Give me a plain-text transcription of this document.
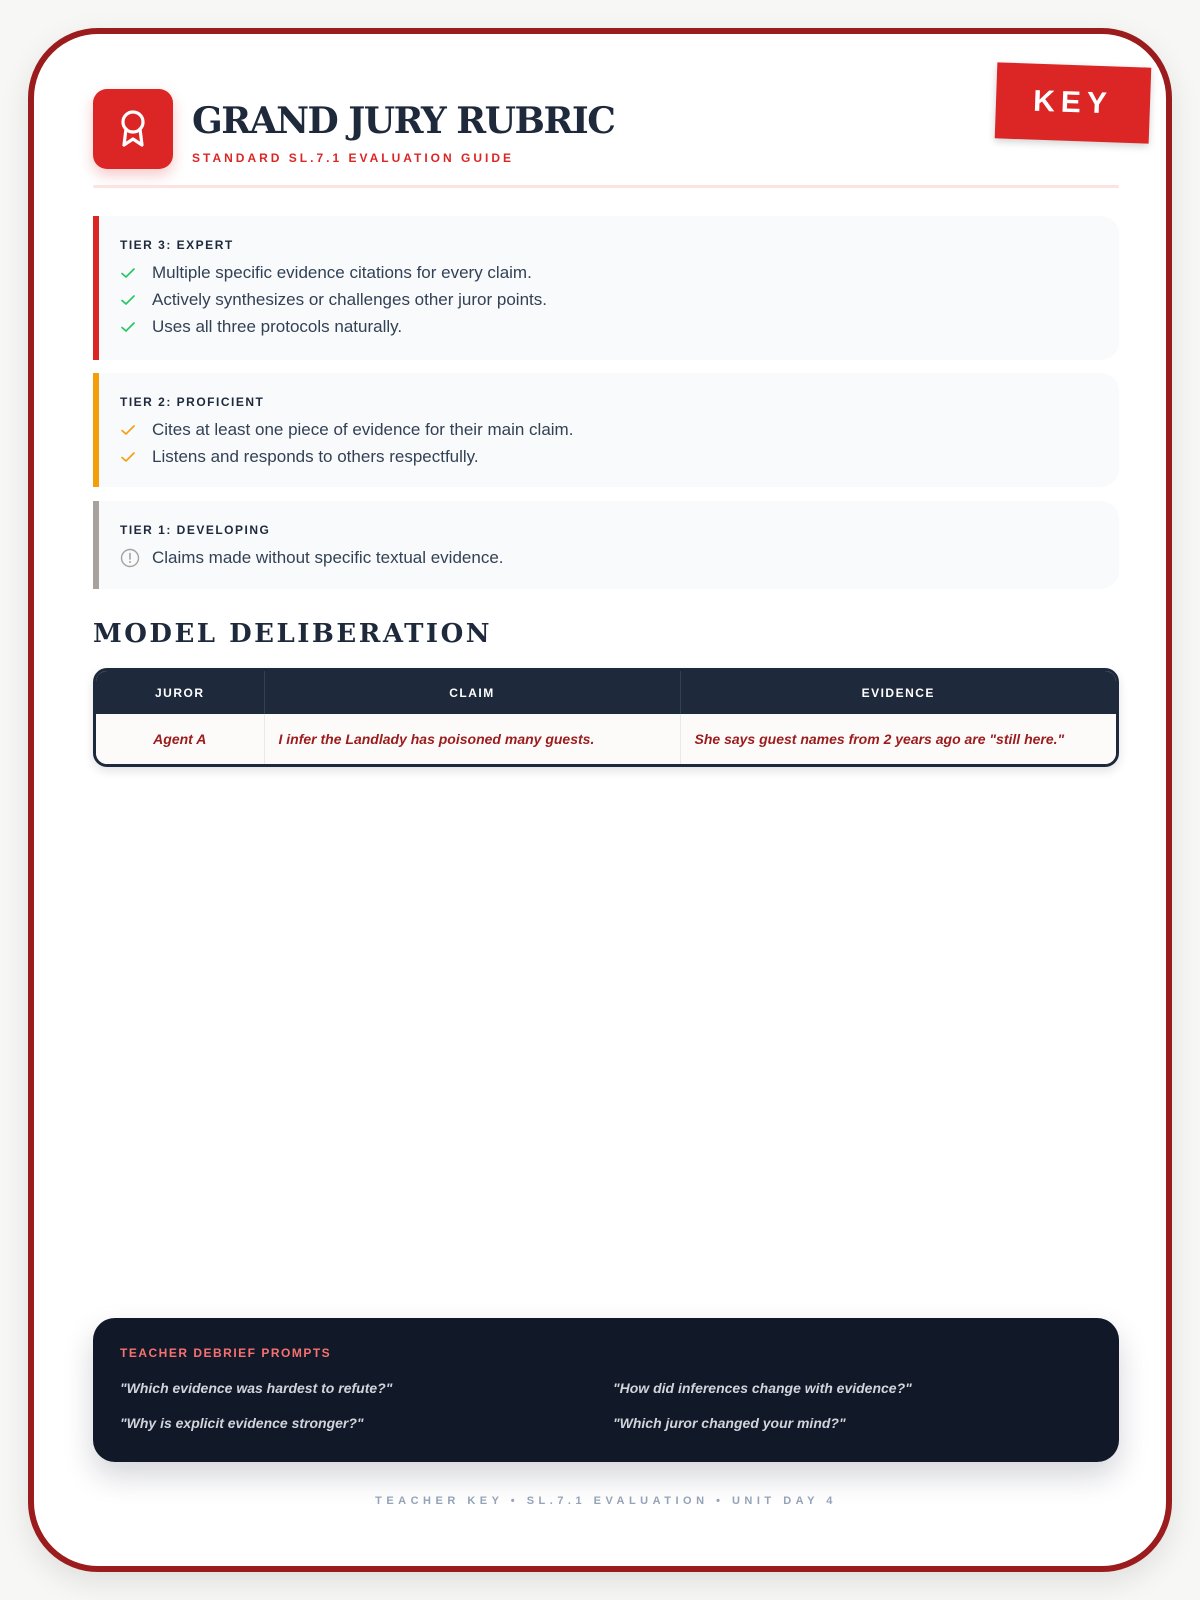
GRAND JURY RUBRIC
STANDARD SL.7.1 EVALUATION GUIDE
KEY
TIER 3: EXPERT
Multiple specific evidence citations for every claim.
Actively synthesizes or challenges other juror points.
Uses all three protocols naturally.
TIER 2: PROFICIENT
Cites at least one piece of evidence for their main claim.
Listens and responds to others respectfully.
TIER 1: DEVELOPING
Claims made without specific textual evidence.
MODEL DELIBERATION
JUROR	CLAIM	EVIDENCE
Agent A	I infer the Landlady has poisoned many guests.	She says guest names from 2 years ago are "still here."
TEACHER DEBRIEF PROMPTS
"Which evidence was hardest to refute?"	"How did inferences change with evidence?"
"Why is explicit evidence stronger?"	"Which juror changed your mind?"
TEACHER KEY • SL.7.1 EVALUATION • UNIT DAY 4
